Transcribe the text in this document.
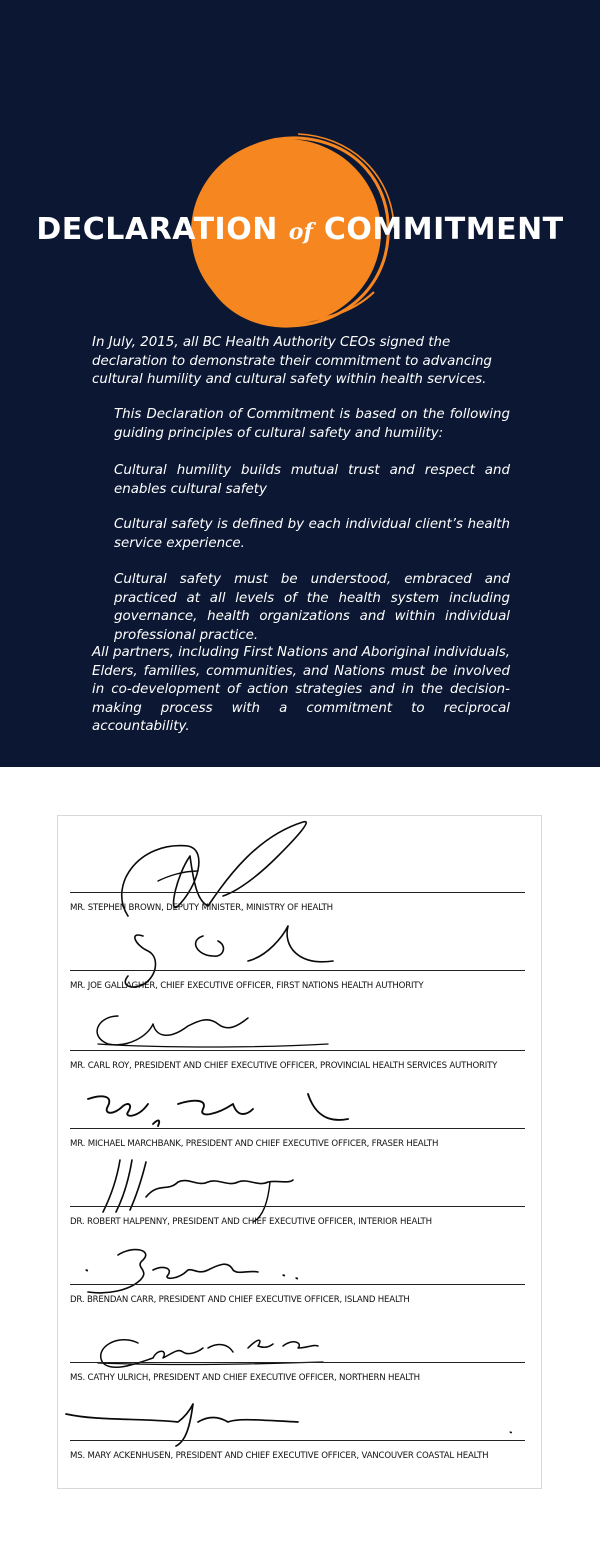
DECLARATION of COMMITMENT

In July, 2015, all BC Health Authority CEOs signed the declaration to demonstrate their commitment to advancing cultural humility and cultural safety within health services.

This Declaration of Commitment is based on the following guiding principles of cultural safety and humility:

Cultural humility builds mutual trust and respect and enables cultural safety

Cultural safety is defined by each individual client’s health service experience.

Cultural safety must be understood, embraced and practiced at all levels of the health system including governance, health organizations and within individual professional practice.

All partners, including First Nations and Aboriginal individuals, Elders, families, communities, and Nations must be involved in co-development of action strategies and in the decision-making process with a commitment to reciprocal accountability.

MR. STEPHEN BROWN, DEPUTY MINISTER, MINISTRY OF HEALTH
MR. JOE GALLAGHER, CHIEF EXECUTIVE OFFICER, FIRST NATIONS HEALTH AUTHORITY
MR. CARL ROY, PRESIDENT AND CHIEF EXECUTIVE OFFICER, PROVINCIAL HEALTH SERVICES AUTHORITY
MR. MICHAEL MARCHBANK, PRESIDENT AND CHIEF EXECUTIVE OFFICER, FRASER HEALTH
DR. ROBERT HALPENNY, PRESIDENT AND CHIEF EXECUTIVE OFFICER, INTERIOR HEALTH
DR. BRENDAN CARR, PRESIDENT AND CHIEF EXECUTIVE OFFICER, ISLAND HEALTH
MS. CATHY ULRICH, PRESIDENT AND CHIEF EXECUTIVE OFFICER, NORTHERN HEALTH
MS. MARY ACKENHUSEN, PRESIDENT AND CHIEF EXECUTIVE OFFICER, VANCOUVER COASTAL HEALTH
